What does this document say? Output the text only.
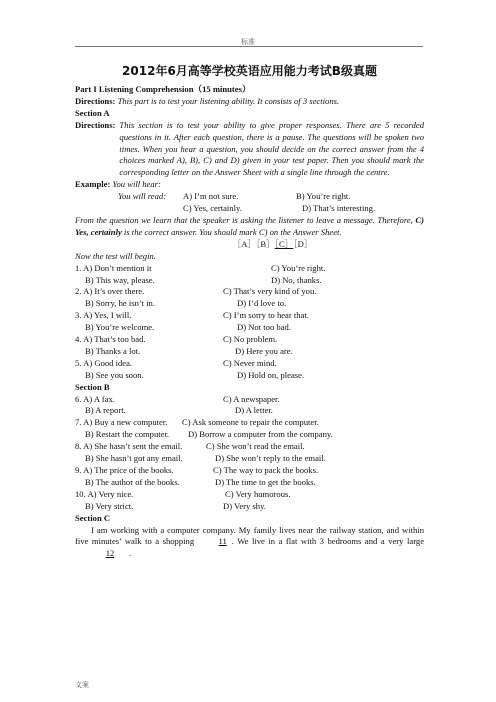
标准
2012年6月高等学校英语应用能力考试B级真题
Part I Listening Comprehension（15 minutes）
Directions: This part is to test your listening ability. It consists of 3 sections.
Section A
Directions: This section is to test your ability to give proper responses. There are 5 recorded questions in it. After each question, there is a pause. The questions will be spoken two times. When you hear a question, you should decide on the correct answer from the 4 choices marked A), B), C) and D) given in your test paper. Then you should mark the corresponding letter on the Answer Sheet with a single line through the centre.
Example: You will hear:
You will read:	A) I’m not sure.	B) You’re right.
C) Yes, certainly.	D) That’s interesting.
From the question we learn that the speaker is asking the listener to leave a message. Therefore, C) Yes, certainly is the correct answer. You should mark C) on the Answer Sheet.
［A］［B］［C］［D］
Now the test will begin.
1. A) Don’t mention it	C) You’re right.
B) This way, please.	D) No, thanks.
2. A) It’s over there.	C) That’s very kind of you.
B) Sorry, he isn’t in.	D) I’d love to.
3. A) Yes, I will.	C) I’m sorry to hear that.
B) You’re welcome.	D) Not too bad.
4. A) That’s too bad.	C) No problem.
B) Thanks a lot.	D) Here you are.
5. A) Good idea.	C) Never mind.
B) See you soon.	D) Hold on, please.
Section B
6. A) A fax.	C) A newspaper.
B) A report.	D) A letter.
7. A) Buy a new computer.	C) Ask someone to repair the computer.
B) Restart the computer.	D) Borrow a computer from the company.
8. A) She hasn’t sent the email.	C) She won’t read the email.
B) She hasn’t got any email.	D) She won’t reply to the email.
9. A) The price of the books.	C) The way to pack the books.
B) The author of the books.	D) The time to get the books.
10. A) Very nice.	C) Very humorous.
B) Very strict.	D) Very shy.
Section C
I am working with a computer company. My family lives near the railway station, and within five minutes’ walk to a shopping 11 . We live in a flat with 3 bedrooms and a very large 12 .
文案
